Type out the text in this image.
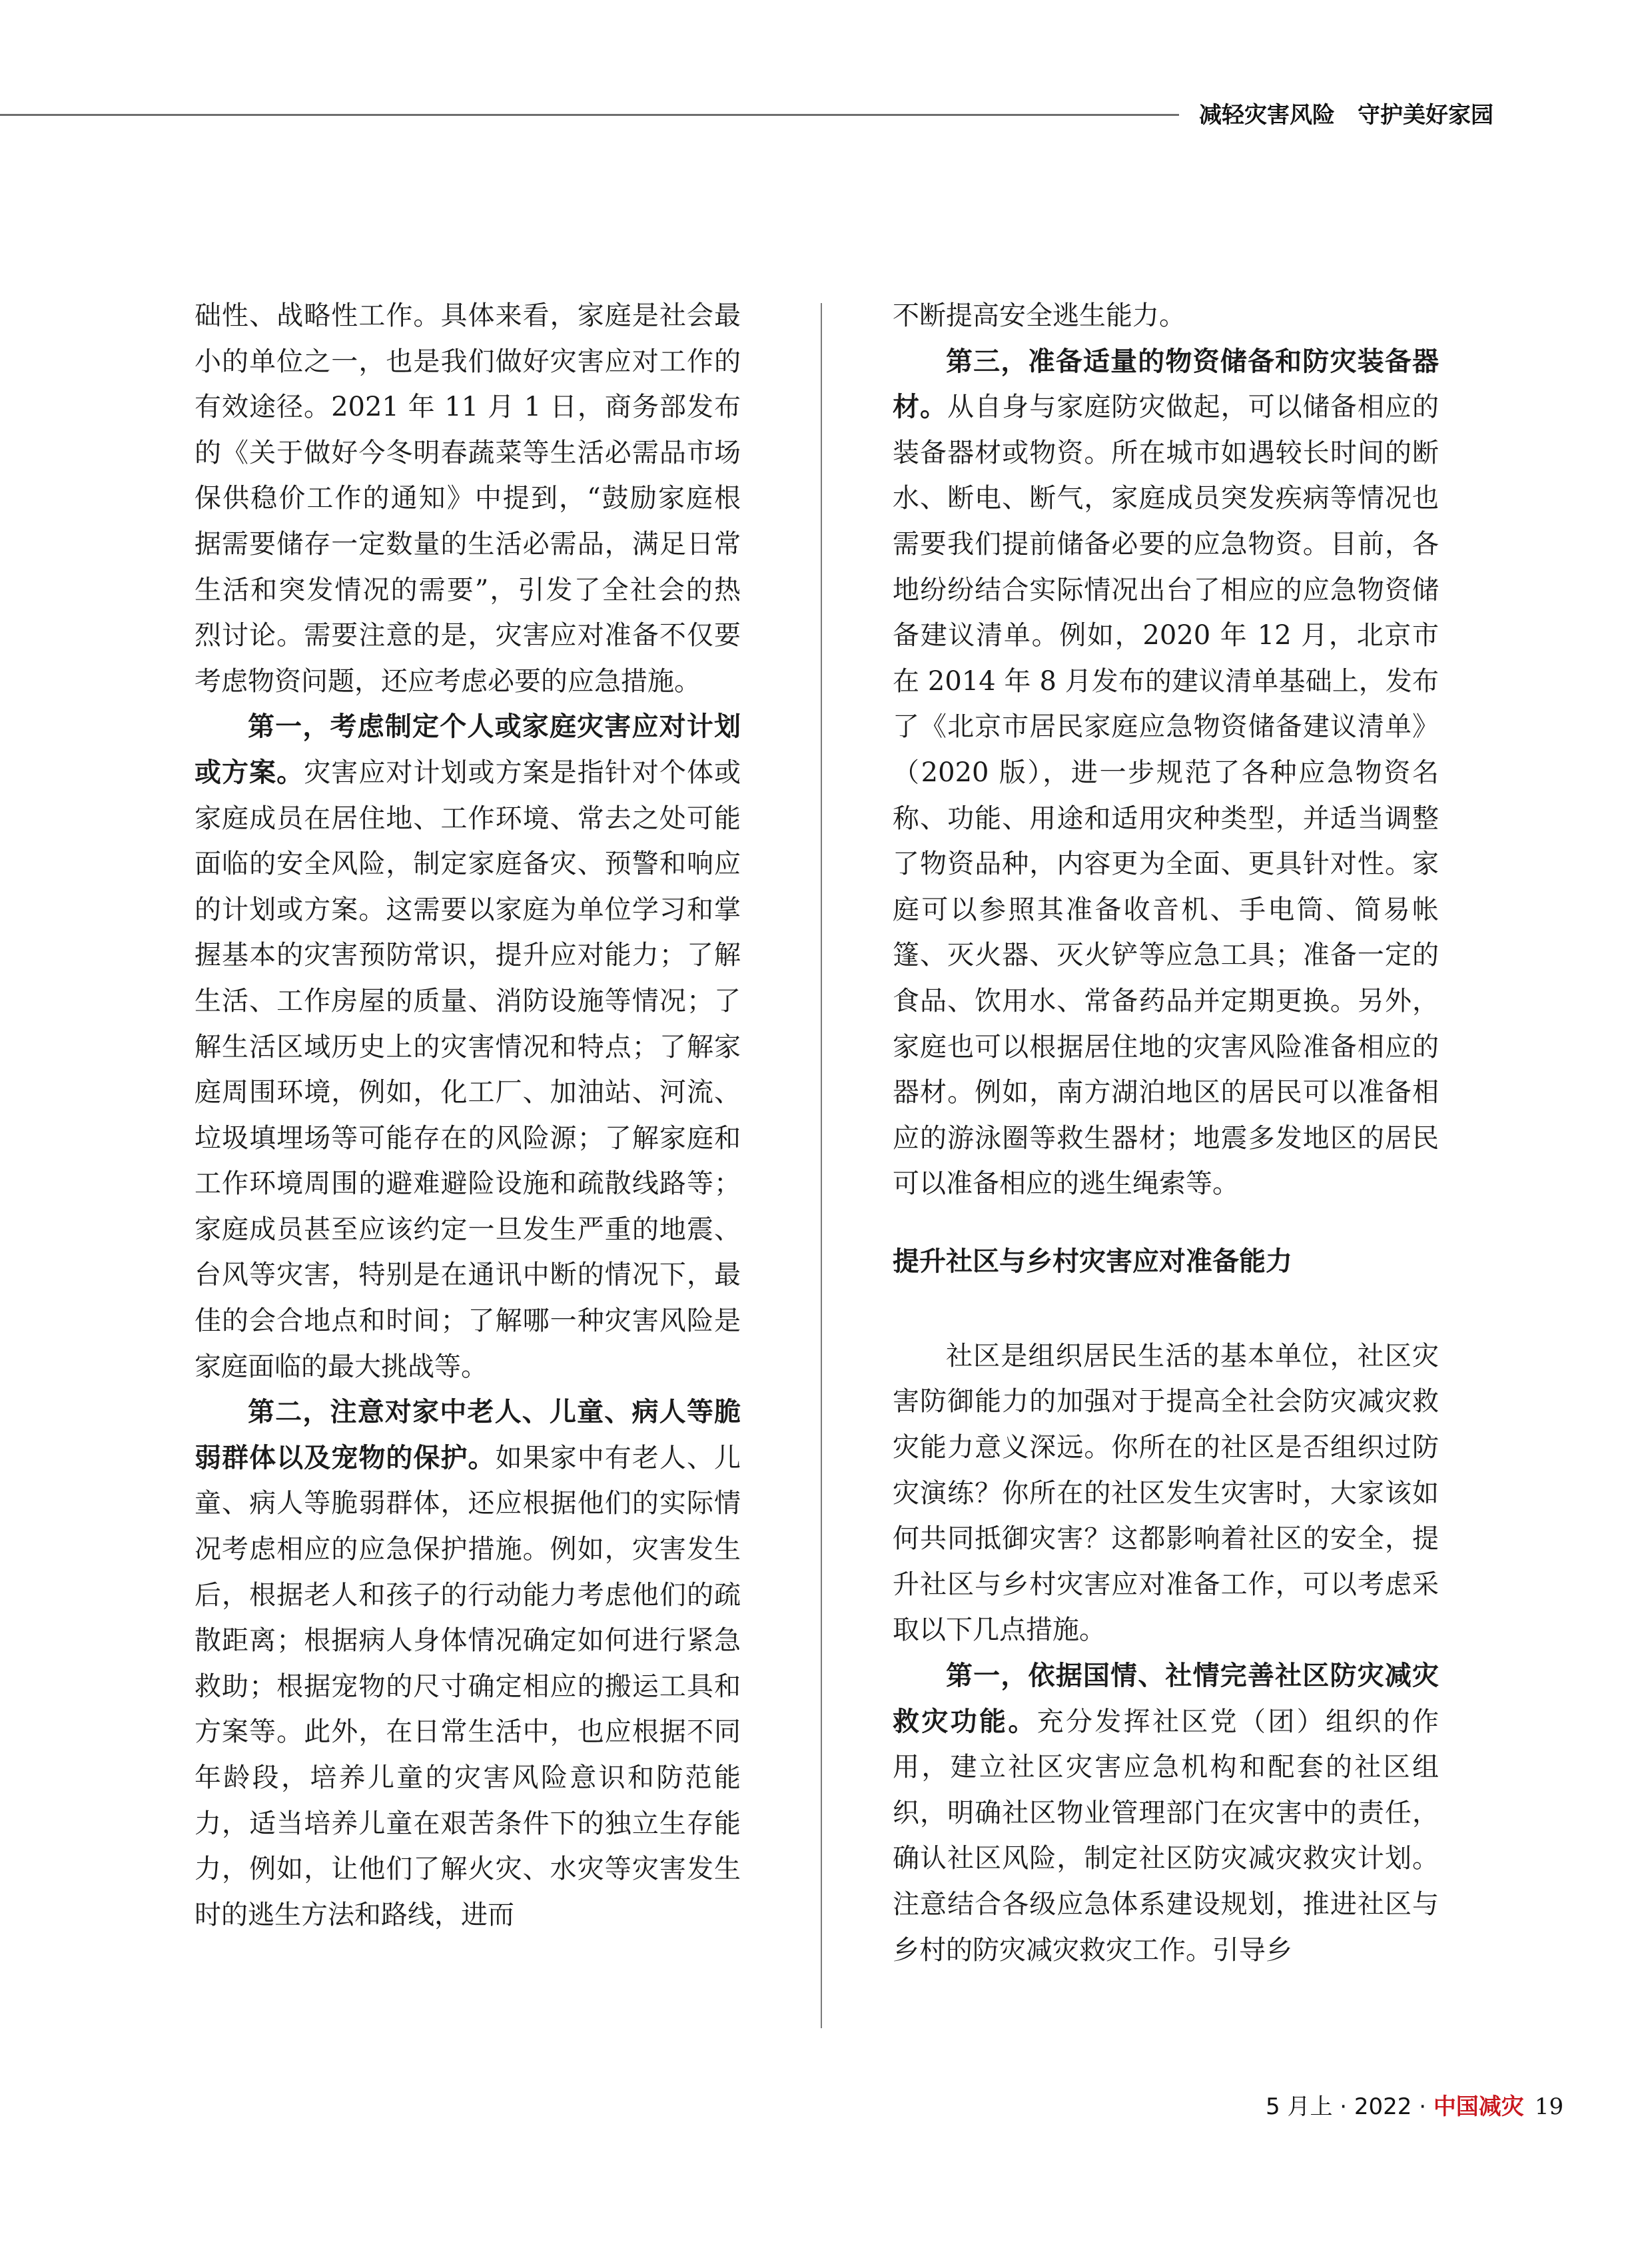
减轻灾害风险　守护美好家园

础性、战略性工作。具体来看，家庭是社会最小的单位之一，也是我们做好灾害应对工作的有效途径。2021 年 11 月 1 日，商务部发布的《关于做好今冬明春蔬菜等生活必需品市场保供稳价工作的通知》中提到，“鼓励家庭根据需要储存一定数量的生活必需品，满足日常生活和突发情况的需要”，引发了全社会的热烈讨论。需要注意的是，灾害应对准备不仅要考虑物资问题，还应考虑必要的应急措施。

第一，考虑制定个人或家庭灾害应对计划或方案。灾害应对计划或方案是指针对个体或家庭成员在居住地、工作环境、常去之处可能面临的安全风险，制定家庭备灾、预警和响应的计划或方案。这需要以家庭为单位学习和掌握基本的灾害预防常识，提升应对能力；了解生活、工作房屋的质量、消防设施等情况；了解生活区域历史上的灾害情况和特点；了解家庭周围环境，例如，化工厂、加油站、河流、垃圾填埋场等可能存在的风险源；了解家庭和工作环境周围的避难避险设施和疏散线路等；家庭成员甚至应该约定一旦发生严重的地震、台风等灾害，特别是在通讯中断的情况下，最佳的会合地点和时间；了解哪一种灾害风险是家庭面临的最大挑战等。

第二，注意对家中老人、儿童、病人等脆弱群体以及宠物的保护。如果家中有老人、儿童、病人等脆弱群体，还应根据他们的实际情况考虑相应的应急保护措施。例如，灾害发生后，根据老人和孩子的行动能力考虑他们的疏散距离；根据病人身体情况确定如何进行紧急救助；根据宠物的尺寸确定相应的搬运工具和方案等。此外，在日常生活中，也应根据不同年龄段，培养儿童的灾害风险意识和防范能力，适当培养儿童在艰苦条件下的独立生存能力，例如，让他们了解火灾、水灾等灾害发生时的逃生方法和路线，进而

不断提高安全逃生能力。

第三，准备适量的物资储备和防灾装备器材。从自身与家庭防灾做起，可以储备相应的装备器材或物资。所在城市如遇较长时间的断水、断电、断气，家庭成员突发疾病等情况也需要我们提前储备必要的应急物资。目前，各地纷纷结合实际情况出台了相应的应急物资储备建议清单。例如，2020 年 12 月，北京市在 2014 年 8 月发布的建议清单基础上，发布了《北京市居民家庭应急物资储备建议清单》（2020 版），进一步规范了各种应急物资名称、功能、用途和适用灾种类型，并适当调整了物资品种，内容更为全面、更具针对性。家庭可以参照其准备收音机、手电筒、简易帐篷、灭火器、灭火铲等应急工具；准备一定的食品、饮用水、常备药品并定期更换。另外，家庭也可以根据居住地的灾害风险准备相应的器材。例如，南方湖泊地区的居民可以准备相应的游泳圈等救生器材；地震多发地区的居民可以准备相应的逃生绳索等。

提升社区与乡村灾害应对准备能力

社区是组织居民生活的基本单位，社区灾害防御能力的加强对于提高全社会防灾减灾救灾能力意义深远。你所在的社区是否组织过防灾演练？你所在的社区发生灾害时，大家该如何共同抵御灾害？这都影响着社区的安全，提升社区与乡村灾害应对准备工作，可以考虑采取以下几点措施。

第一，依据国情、社情完善社区防灾减灾救灾功能。充分发挥社区党（团）组织的作用，建立社区灾害应急机构和配套的社区组织，明确社区物业管理部门在灾害中的责任，确认社区风险，制定社区防灾减灾救灾计划。注意结合各级应急体系建设规划，推进社区与乡村的防灾减灾救灾工作。引导乡

5 月上 · 2022 · 中国减灾 19
